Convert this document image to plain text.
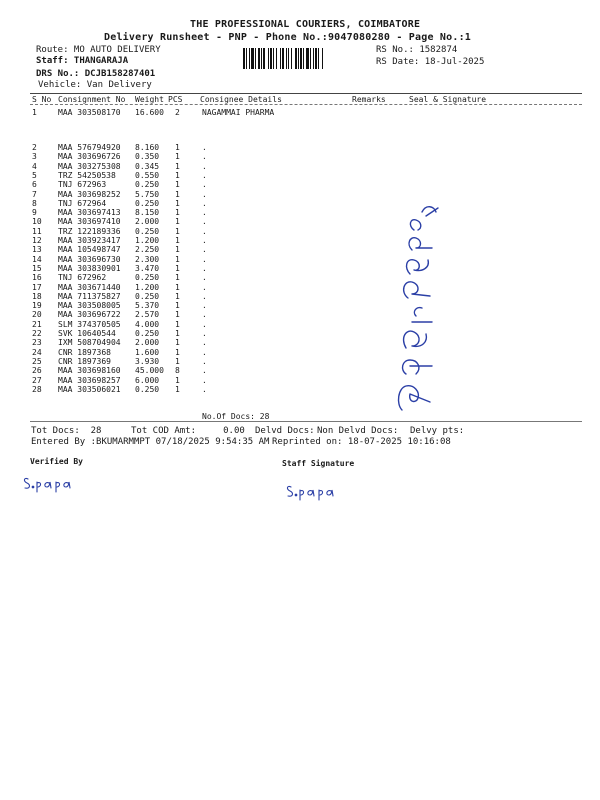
THE PROFESSIONAL COURIERS, COIMBATORE
Delivery Runsheet - PNP - Phone No.:9047080280 - Page No.:1
Route: MO AUTO DELIVERY
Staff: THANGARAJA
DRS No.: DCJB158287401
Vehicle: Van Delivery
RS No.: 1582874
RS Date: 18-Jul-2025
S No Consignment No Weight PCS Consignee Details	Remarks	Seal & Signature
1	MAA 303508170 16.600 2	NAGAMMAI PHARMA
2	MAA 576794920 8.160 1	.
3	MAA 303696726 0.350 1	.
4	MAA 303275308 0.345 1	.
5	TRZ 54250538 0.550 1	.
6	TNJ 672963	0.250 1	.
7	MAA 303698252 5.750 1	.
8	TNJ 672964	0.250 1	.
9	MAA 303697413 8.150 1	.
10 MAA 303697410 2.000 1	.
11 TRZ 122189336 0.250 1	.
12 MAA 303923417 1.200 1	.
13 MAA 105498747 2.250 1	.
14 MAA 303696730 2.300 1	.
15 MAA 303830901 3.470 1	.
16 TNJ 672962	0.250 1	.
17 MAA 303671440 1.200 1	.
18 MAA 711375827 0.250 1	.
19 MAA 303508005 5.370 1	.
20 MAA 303696722 2.570 1	.
21 SLM 374370505 4.000 1	.
22 SVK 10640544 0.250 1	.
23 IXM 508704904 2.000 1	.
24 CNR 1897368	1.600 1	.
25 CNR 1897369	3.930 1	.
26 MAA 303698160 45.000 8	.
27 MAA 303698257 6.000 1	.
28 MAA 303506021 0.250 1	.
No.Of Docs: 28
Tot Docs:  28	Tot COD Amt:     0.00 Delvd Docs: Non Delvd Docs: Delvy pts:
Entered By :BKUMARMMPT 07/18/2025 9:54:35 AM Reprinted on: 18-07-2025 10:16:08
Verified By	Staff Signature
